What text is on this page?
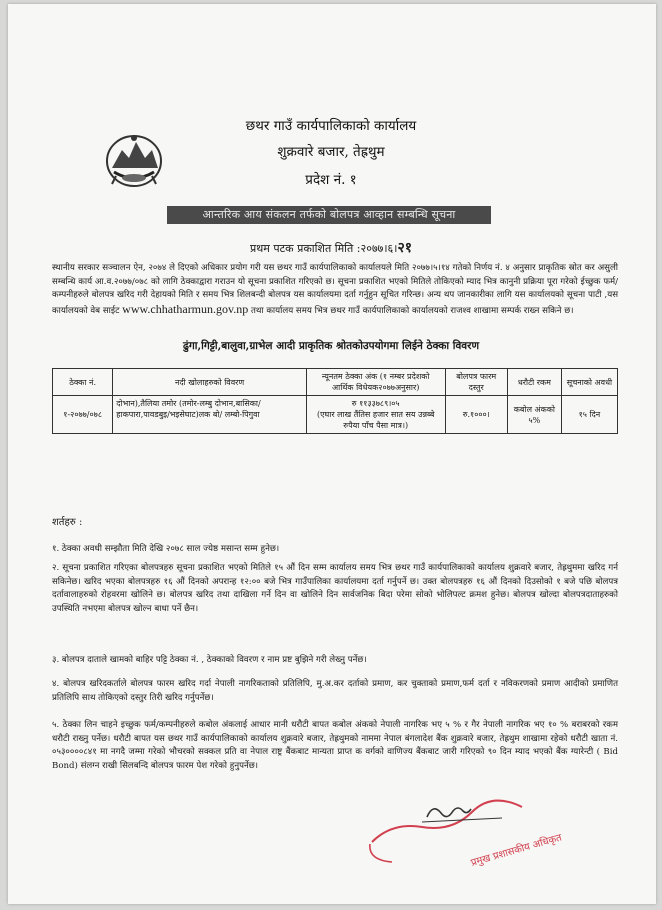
छथर गाउँ कार्यपालिकाको कार्यालय
शुक्रवारे बजार, तेह्रथुम
प्रदेश नं. १
आन्तरिक आय संकलन तर्फको बोलपत्र आव्हान सम्बन्धि सूचना
प्रथम पटक प्रकाशित मिति :२०७७।६।२१
स्थानीय सरकार सञ्चालन ऐन, २०७४ ले दिएको अधिकार प्रयोग गरी यस छथर गाउँ कार्यपालिकाको कार्यालयले मिति २०७७।५।१४ गतेको निर्णय नं. ४ अनुसार प्राकृतिक स्रोत कर असुली सम्बन्धि कार्य आ.व.२०७७/०७८ को लागि ठेक्काद्वारा गराउन यो सूचना प्रकाशित गरिएको छ। सूचना प्रकाशित भएको मितिले तोकिएको म्याद भित्र कानुनी प्रक्रिया पूरा गरेको ईच्छुक फर्म/कम्पनीहरुले बोलपत्र खरिद गरी देहायको मिति र समय भित्र शिलबन्दी बोलपत्र यस कार्यालयमा दर्ता गर्नुहुन सूचित गरिन्छ। अन्य थप जानकारीका लागि यस कार्यालयको सूचना पाटी ,यस कार्यालयको वेब साईट www.chhatharmun.gov.np तथा कार्यालय समय भित्र छथर गाउँ कार्यपालिकाको कार्यालयको राजश्व शाखामा सम्पर्क राख्न सकिने छ।
ढुंगा,गिट्टी,बालुवा,ग्राभेल आदी प्राकृतिक श्रोतकोउपयोगमा लिईने ठेक्का विवरण
ठेक्का नं.	नदी खोलाहरुको विवरण	न्यूनतम ठेक्का अंक (१ नम्बर प्रदेशको आर्थिक विधेयक२०७७अनुसार)	बोलपत्र फारम दस्तुर	धरौटी रकम	सूचनाको अवधी
१-२०७७/०७८	दोभान),तैलिया तमोर (तमोर-लम्बु दोभान,बासिका/हाकपारा,पावडबुइ/भइसेघाट)लक बो/ लम्बो-पिगुवा	रु ११३३७८९।०५
(एघार लाख तैंतिस हजार सात सय उन्नब्बे रुपैया पाँच पैसा मात्र।)	रु.१०००।	कबोल अंकको ५%	१५ दिन
शर्तहरु :
१. ठेक्का अवधी सम्झौता मिति देखि २०७८ साल ज्येष्ठ मसान्त सम्म हुनेछ।
२. सूचना प्रकाशित गरिएका बोलपत्रहरु सूचना प्रकाशित भएको मितिले १५ औं दिन सम्म कार्यालय समय भित्र छथर गाउँ कार्यपालिकाको कार्यालय शुक्रवारे बजार, तेह्रथुममा खरिद गर्न सकिनेछ। खरिद भएका बोलपत्रहरु १६ औं दिनको अपरान्ह १२:०० बजे भित्र गाउँपालिका कार्यालयमा दर्ता गर्नुपर्ने छ। उक्त बोलपत्रहरु १६ औं दिनको दिउसोको १ बजे पछि बोलपत्र दर्तावालाहरुको रोहवरमा खोलिने छ। बोलपत्र खरिद तथा दाखिला गर्ने दिन वा खोलिने दिन सार्वजनिक बिदा परेमा सोको भोलिपल्ट क्रमश हुनेछ। बोलपत्र खोल्दा बोलपत्रदाताहरुको उपस्थिति नभएमा बोलपत्र खोल्न बाधा पर्ने छैन।
३. बोलपत्र दाताले खामको बाहिर पट्टि ठेक्का नं. , ठेक्काको विवरण र नाम प्रष्ट बुझिने गरी लेख्नु पर्नेछ।
४. बोलपत्र खरिदकर्ताले बोलपत्र फारम खरिद गर्दा नेपाली नागरिकताको प्रतिलिपि, मु.अ.कर दर्ताको प्रमाण, कर चुक्ताको प्रमाण,फर्म दर्ता र नविकरणको प्रमाण आदीको प्रमाणित प्रतिलिपि साथ तोकिएको दस्तुर तिरी खरिद गर्नुपर्नेछ।
५. ठेक्का लिन चाहने इच्छुक फर्म/कम्पनीहरुले कबोल अंकलाई आधार मानी धरौटी बापत कबोल अंकको नेपाली नागरिक भए ५ % र गैर नेपाली नागरिक भए १० % बराबरको रकम धरौटी राख्नु पर्नेछ। धरौटी बापत यस छथर गाउँ कार्यपालिकाको कार्यालय शुक्रवारे बजार, तेह्रथुमको नाममा नेपाल बंगलादेश बैंक शुक्रवारे बजार, तेह्रथुम शाखामा रहेको धरौटी खाता नं. ०५३००००८४१ मा नगदै जम्मा गरेको भौचरको सक्कल प्रति वा नेपाल राष्ट्र बैंकबाट मान्यता प्राप्त क वर्गको वाणिज्य बैंकबाट जारी गरिएको ९० दिन म्याद भएको बैंक ग्यारेन्टी ( Bid Bond) संलग्न राखी सिलबन्दि बोलपत्र फारम पेश गरेको हुनुपर्नेछ।
प्रमुख प्रशासकीय अधिकृत
